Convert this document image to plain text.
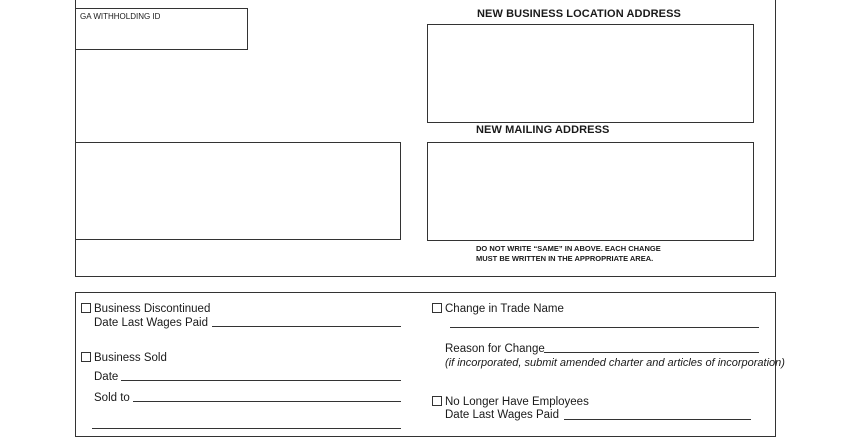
GA WITHHOLDING ID	NEW BUSINESS LOCATION ADDRESS
NEW MAILING ADDRESS
DO NOT WRITE “SAME” IN ABOVE. EACH CHANGE
MUST BE WRITTEN IN THE APPROPRIATE AREA.
Business Discontinued
Date Last Wages Paid
Business Sold
Date
Sold to
Change in Trade Name
Reason for Change
(if incorporated, submit amended charter and articles of incorporation)
No Longer Have Employees
Date Last Wages Paid
